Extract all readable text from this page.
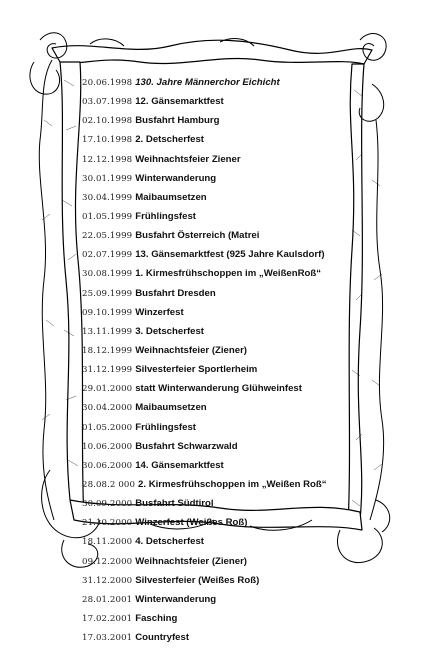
20.06.1998 130. Jahre Männerchor Eichicht
03.07.1998 12. Gänsemarktfest
02.10.1998 Busfahrt Hamburg
17.10.1998 2. Detscherfest
12.12.1998 Weihnachtsfeier Ziener
30.01.1999 Winterwanderung
30.04.1999 Maibaumsetzen
01.05.1999 Frühlingsfest
22.05.1999 Busfahrt Österreich (Matrei
02.07.1999 13. Gänsemarktfest (925 Jahre Kaulsdorf)
30.08.1999 1. Kirmesfrühschoppen im „WeißenRoß“
25.09.1999 Busfahrt Dresden
09.10.1999 Winzerfest
13.11.1999 3. Detscherfest
18.12.1999 Weihnachtsfeier (Ziener)
31.12.1999 Silvesterfeier Sportlerheim
29.01.2000 statt Winterwanderung Glühweinfest
30.04.2000 Maibaumsetzen
01.05.2000 Frühlingsfest
10.06.2000 Busfahrt Schwarzwald
30.06.2000 14. Gänsemarktfest
28.08.2 000 2. Kirmesfrühschoppen im „Weißen Roß“
30.09.2000 Busfahrt Südtirol
21.10.2000 Winzerfest (Weißes Roß)
18.11.2000 4. Detscherfest
09.12.2000 Weihnachtsfeier (Ziener)
31.12.2000 Silvesterfeier (Weißes Roß)
28.01.2001 Winterwanderung
17.02.2001 Fasching
17.03.2001 Countryfest
